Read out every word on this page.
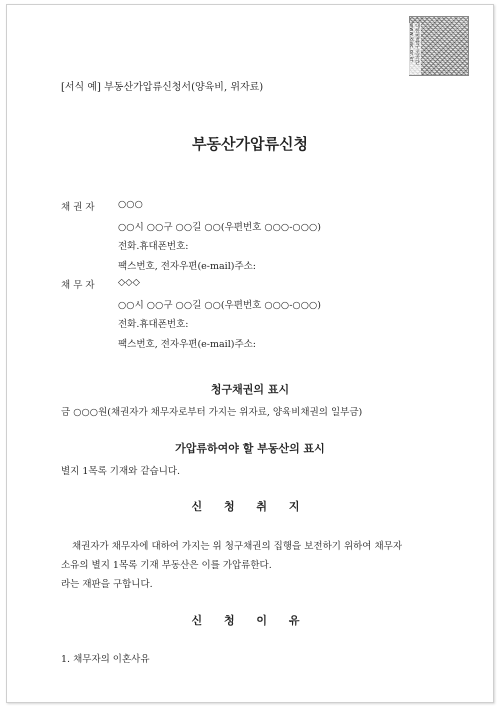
대한법률구조공단 www.klac.or.kr
[서식 예] 부동산가압류신청서(양육비, 위자료)
부동산가압류신청
채 권 자 ○○○
○○시 ○○구 ○○길 ○○(우편번호 ○○○-○○○)
전화.휴대폰번호:
팩스번호, 전자우편(e-mail)주소:
채 무 자 ◇◇◇
○○시 ○○구 ○○길 ○○(우편번호 ○○○-○○○)
전화.휴대폰번호:
팩스번호, 전자우편(e-mail)주소:
청구채권의 표시
금 ○○○원(채권자가 채무자로부터 가지는 위자료, 양육비채권의 일부금)
가압류하여야 할 부동산의 표시
별지 1목록 기재와 같습니다.
신 청 취 지
채권자가 채무자에 대하여 가지는 위 청구채권의 집행을 보전하기 위하여 채무자
소유의 별지 1목록 기재 부동산은 이를 가압류한다.
라는 재판을 구합니다.
신 청 이 유
1. 채무자의 이혼사유
